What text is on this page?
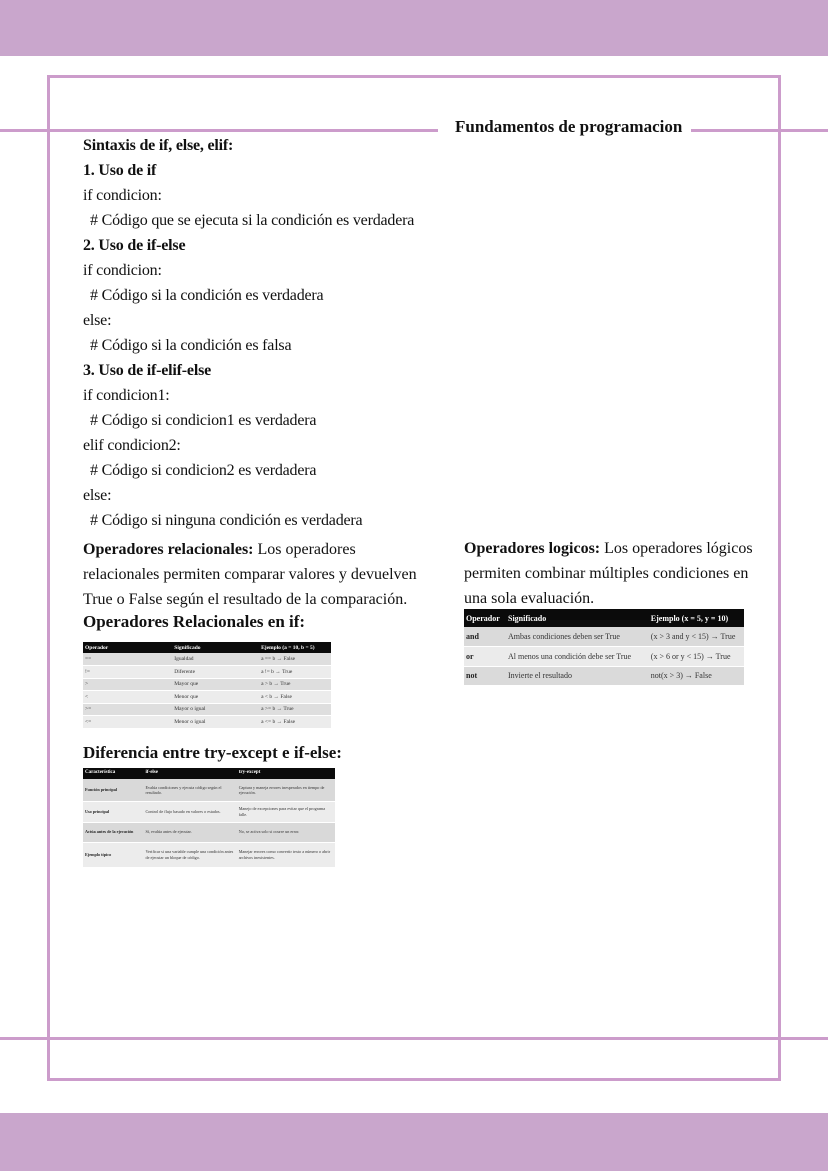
Fundamentos de programacion
Sintaxis de if, else, elif:
1. Uso de if
if condicion:
# Código que se ejecuta si la condición es verdadera
2. Uso de if-else
if condicion:
# Código si la condición es verdadera
else:
# Código si la condición es falsa
3. Uso de if-elif-else
if condicion1:
# Código si condicion1 es verdadera
elif condicion2:
# Código si condicion2 es verdadera
else:
# Código si ninguna condición es verdadera
Operadores relacionales: Los operadores relacionales permiten comparar valores y devuelven True o False según el resultado de la comparación.
Operadores Relacionales en if:
Operador	Significado	Ejemplo (a = 10, b = 5)
==	Igualdad	a == b → False
!=	Diferente	a != b → True
>	Mayor que	a > b → True
<	Menor que	a < b → False
>=	Mayor o igual	a >= b → True
<=	Menor o igual	a <= b → False
Diferencia entre try-except e if-else:
Característica	if-else	try-except
Función principal	Evalúa condiciones y ejecuta código según el resultado.	Captura y maneja errores inesperados en tiempo de ejecución.
Uso principal	Control de flujo basado en valores o estados.	Manejo de excepciones para evitar que el programa falle.
Actúa antes de la ejecución	Sí, evalúa antes de ejecutar.	No, se activa solo si ocurre un error.
Ejemplo típico	Verificar si una variable cumple una condición antes de ejecutar un bloque de código.	Manejar errores como convertir texto a número o abrir archivos inexistentes.
Operadores logicos: Los operadores lógicos permiten combinar múltiples condiciones en una sola evaluación.
Operador	Significado	Ejemplo (x = 5, y = 10)
and	Ambas condiciones deben ser True	(x > 3 and y < 15) → True
or	Al menos una condición debe ser True	(x > 6 or y < 15) → True
not	Invierte el resultado	not(x > 3) → False
